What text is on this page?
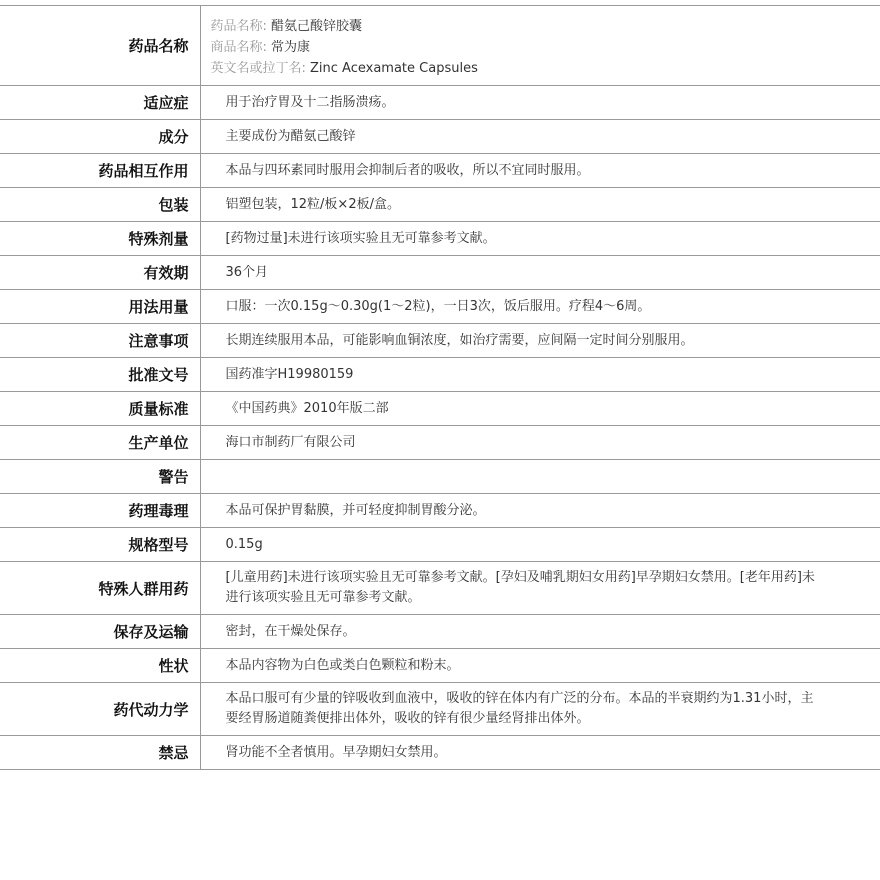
药品名称	药品名称: 醋氨己酸锌胶囊
商品名称: 常为康
英文名或拉丁名: Zinc Acexamate Capsules

适应症	用于治疗胃及十二指肠溃疡。
成分	主要成份为醋氨己酸锌
药品相互作用	本品与四环素同时服用会抑制后者的吸收，所以不宜同时服用。
包装	铝塑包装，12粒/板×2板/盒。
特殊剂量	[药物过量]未进行该项实验且无可靠参考文献。
有效期	36个月
用法用量	口服：一次0.15g～0.30g(1～2粒)，一日3次，饭后服用。疗程4～6周。
注意事项	长期连续服用本品，可能影响血铜浓度，如治疗需要，应间隔一定时间分别服用。
批准文号	国药准字H19980159
质量标准	《中国药典》2010年版二部
生产单位	海口市制药厂有限公司
警告	
药理毒理	本品可保护胃黏膜，并可轻度抑制胃酸分泌。
规格型号	0.15g
特殊人群用药	[儿童用药]未进行该项实验且无可靠参考文献。[孕妇及哺乳期妇女用药]早孕期妇女禁用。[老年用药]未进行该项实验且无可靠参考文献。
保存及运输	密封，在干燥处保存。
性状	本品内容物为白色或类白色颗粒和粉末。
药代动力学	本品口服可有少量的锌吸收到血液中，吸收的锌在体内有广泛的分布。本品的半衰期约为1.31小时，主要经胃肠道随粪便排出体外，吸收的锌有很少量经肾排出体外。
禁忌	肾功能不全者慎用。早孕期妇女禁用。
